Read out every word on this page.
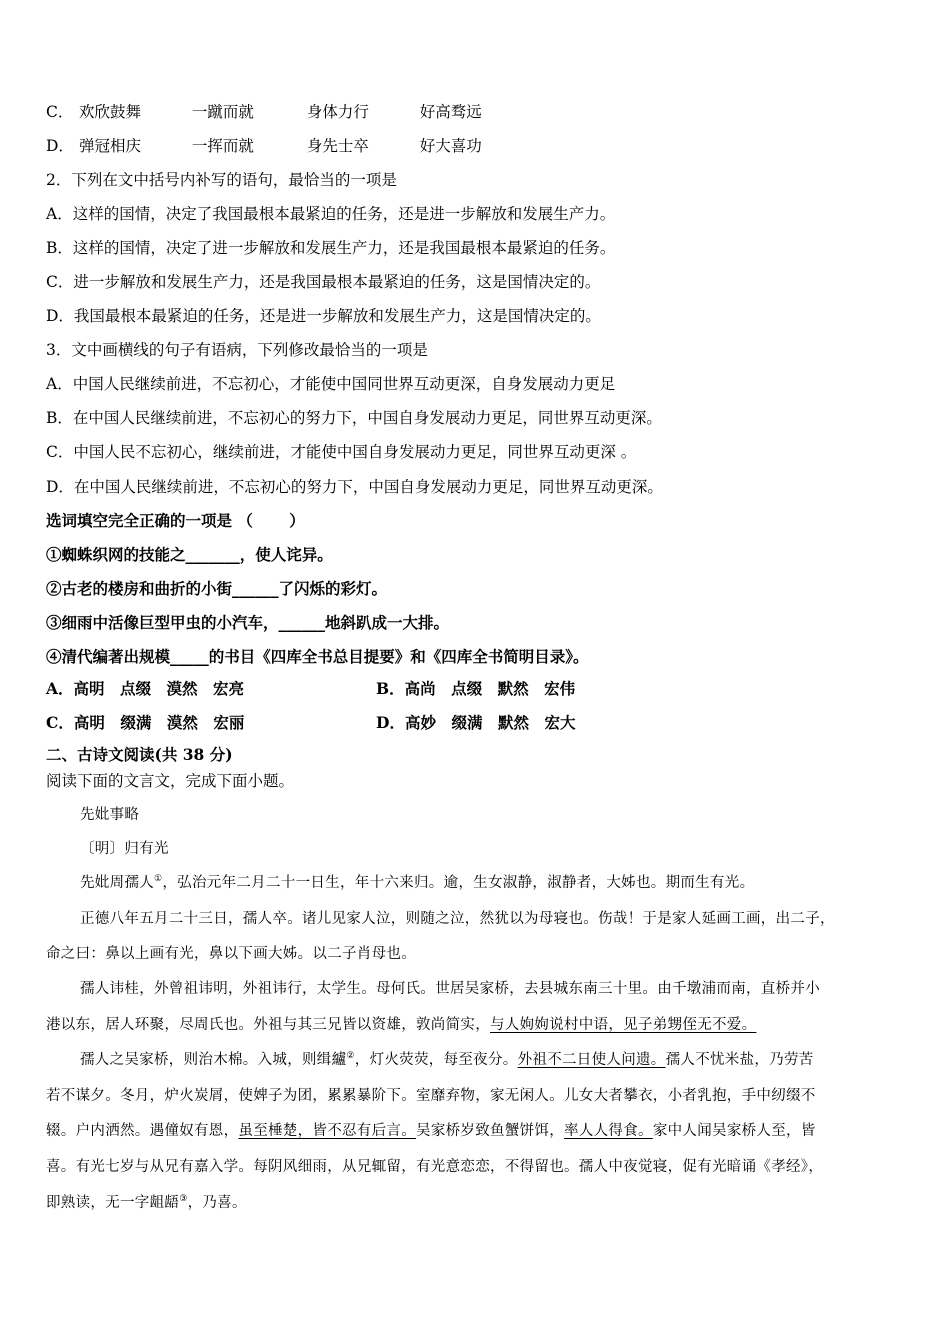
C． 欢欣鼓舞	一蹴而就	身体力行	好高骛远
D． 弹冠相庆	一挥而就	身先士卒	好大喜功
2．下列在文中括号内补写的语句，最恰当的一项是
A．这样的国情，决定了我国最根本最紧迫的任务，还是进一步解放和发展生产力。
B．这样的国情，决定了进一步解放和发展生产力，还是我国最根本最紧迫的任务。
C．进一步解放和发展生产力，还是我国最根本最紧迫的任务，这是国情决定的。
D．我国最根本最紧迫的任务，还是进一步解放和发展生产力，这是国情决定的。
3．文中画横线的句子有语病，下列修改最恰当的一项是
A．中国人民继续前进，不忘初心，才能使中国同世界互动更深，自身发展动力更足
B．在中国人民继续前进，不忘初心的努力下，中国自身发展动力更足，同世界互动更深。
C．中国人民不忘初心，继续前进，才能使中国自身发展动力更足，同世界互动更深 。
D．在中国人民继续前进，不忘初心的努力下，中国自身发展动力更足，同世界互动更深。
选词填空完全正确的一项是 （　　 ）
①蜘蛛织网的技能之_______，使人诧异。
②古老的楼房和曲折的小街______了闪烁的彩灯。
③细雨中活像巨型甲虫的小汽车，______地斜趴成一大排。
④清代编著出规模_____的书目《四库全书总目提要》和《四库全书简明目录》。
A．高明　点缀　漠然　宏亮	B．高尚　点缀　默然　宏伟
C．高明　缀满　漠然　宏丽	D．高妙　缀满　默然　宏大
二、古诗文阅读(共 38 分)
阅读下面的文言文，完成下面小题。
先妣事略
〔明〕归有光
先妣周孺人①，弘治元年二月二十一日生，年十六来归。逾，生女淑静，淑静者，大姊也。期而生有光。
正德八年五月二十三日，孺人卒。诸儿见家人泣，则随之泣，然犹以为母寝也。伤哉！于是家人延画工画，出二子，
命之曰：鼻以上画有光，鼻以下画大姊。以二子肖母也。
孺人讳桂，外曾祖讳明，外祖讳行，太学生。母何氏。世居吴家桥，去县城东南三十里。由千墩浦而南，直桥并小
港以东，居人环聚，尽周氏也。外祖与其三兄皆以资雄，敦尚简实，与人姁姁说村中语，见子弟甥侄无不爱。
孺人之吴家桥，则治木棉。入城，则缉纑②，灯火荧荧，每至夜分。外祖不二日使人问遗。孺人不忧米盐，乃劳苦
若不谋夕。冬月，炉火炭屑，使婢子为团，累累暴阶下。室靡弃物，家无闲人。儿女大者攀衣，小者乳抱，手中纫缀不
辍。户内洒然。遇僮奴有恩，虽至棰楚，皆不忍有后言。吴家桥岁致鱼蟹饼饵，率人人得食。家中人闻吴家桥人至，皆
喜。有光七岁与从兄有嘉入学。每阴风细雨，从兄辄留，有光意恋恋，不得留也。孺人中夜觉寝，促有光暗诵《孝经》，
即熟读，无一字龃龉③，乃喜。
